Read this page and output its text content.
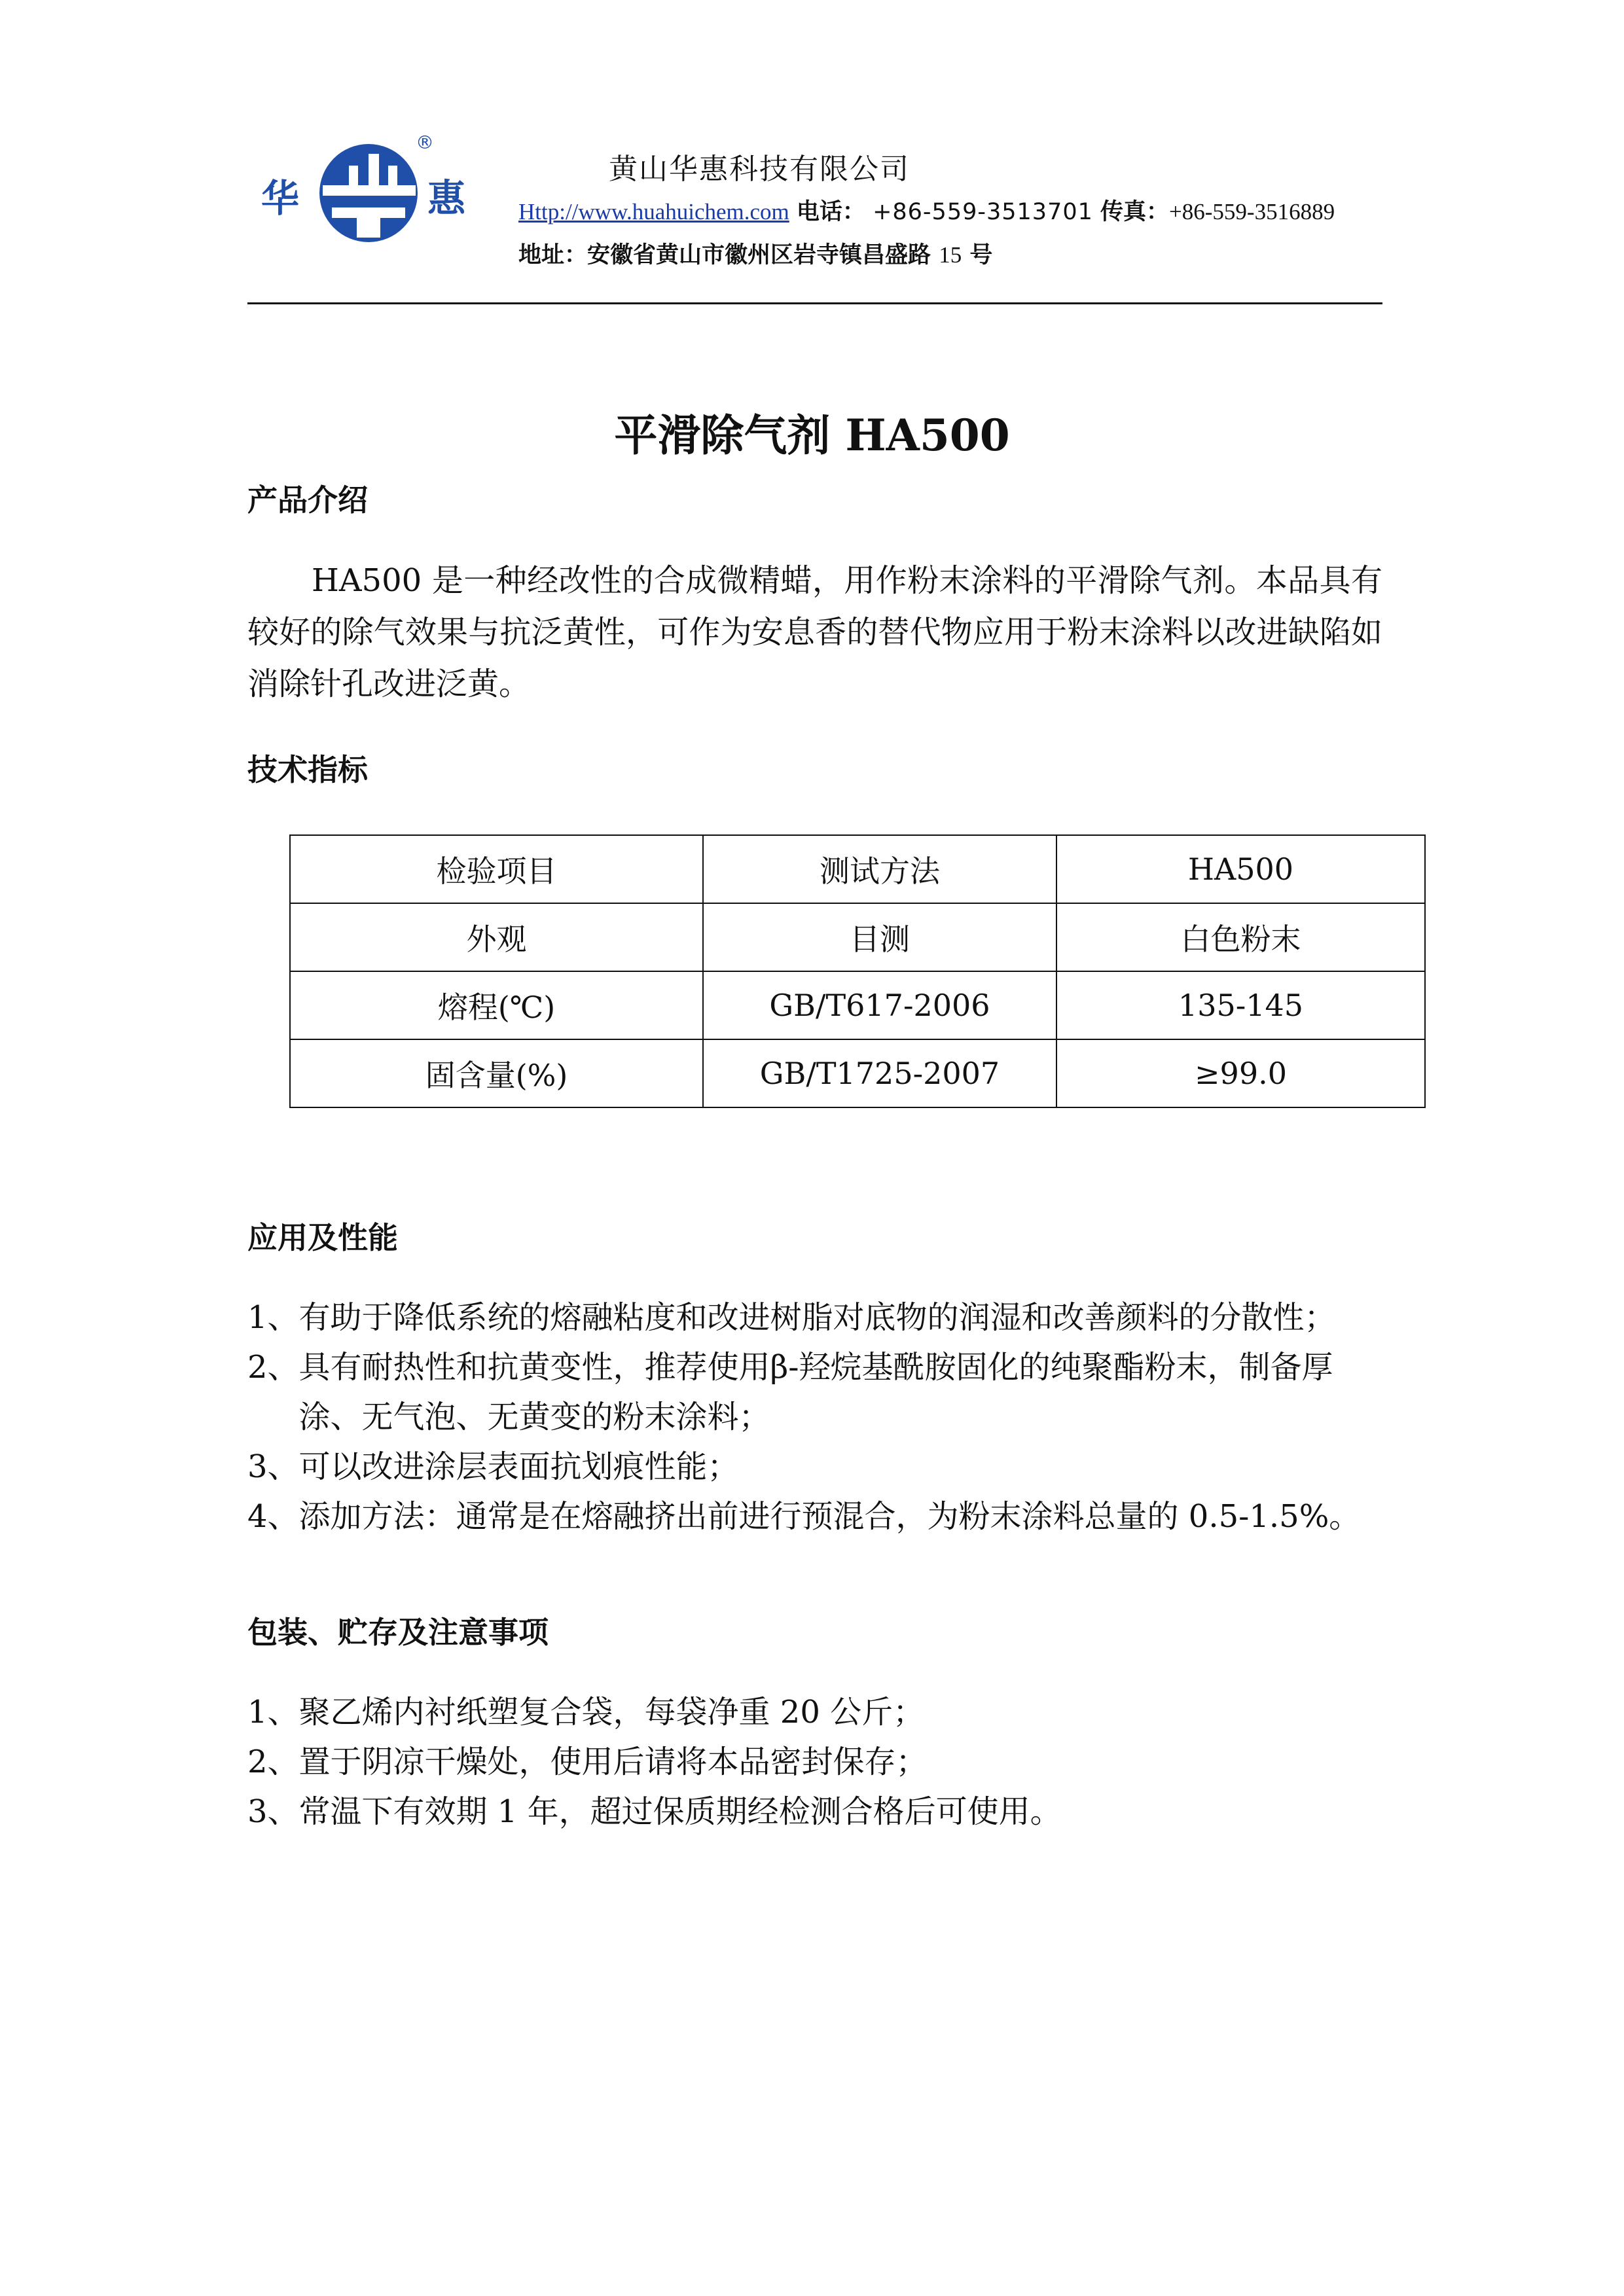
华	惠
®
黄山华惠科技有限公司
Http://www.huahuichem.com 电话： +86-559-3513701 传真：+86-559-3516889
地址：安徽省黄山市徽州区岩寺镇昌盛路 15 号
平滑除气剂 HA500
产品介绍
HA500 是一种经改性的合成微精蜡，用作粉末涂料的平滑除气剂。本品具有较好的除气效果与抗泛黄性，可作为安息香的替代物应用于粉末涂料以改进缺陷如消除针孔改进泛黄。
技术指标
检验项目	测试方法	HA500
外观	目测	白色粉末
熔程(℃)	GB/T617-2006	135-145
固含量(%)	GB/T1725-2007	≥99.0
应用及性能
1、 有助于降低系统的熔融粘度和改进树脂对底物的润湿和改善颜料的分散性；
2、 具有耐热性和抗黄变性，推荐使用β-羟烷基酰胺固化的纯聚酯粉末，制备厚涂、无气泡、无黄变的粉末涂料；
3、 可以改进涂层表面抗划痕性能；
4、 添加方法：通常是在熔融挤出前进行预混合，为粉末涂料总量的 0.5-1.5%。
包装、贮存及注意事项
1、 聚乙烯内衬纸塑复合袋，每袋净重 20 公斤；
2、 置于阴凉干燥处，使用后请将本品密封保存；
3、 常温下有效期 1 年，超过保质期经检测合格后可使用。
